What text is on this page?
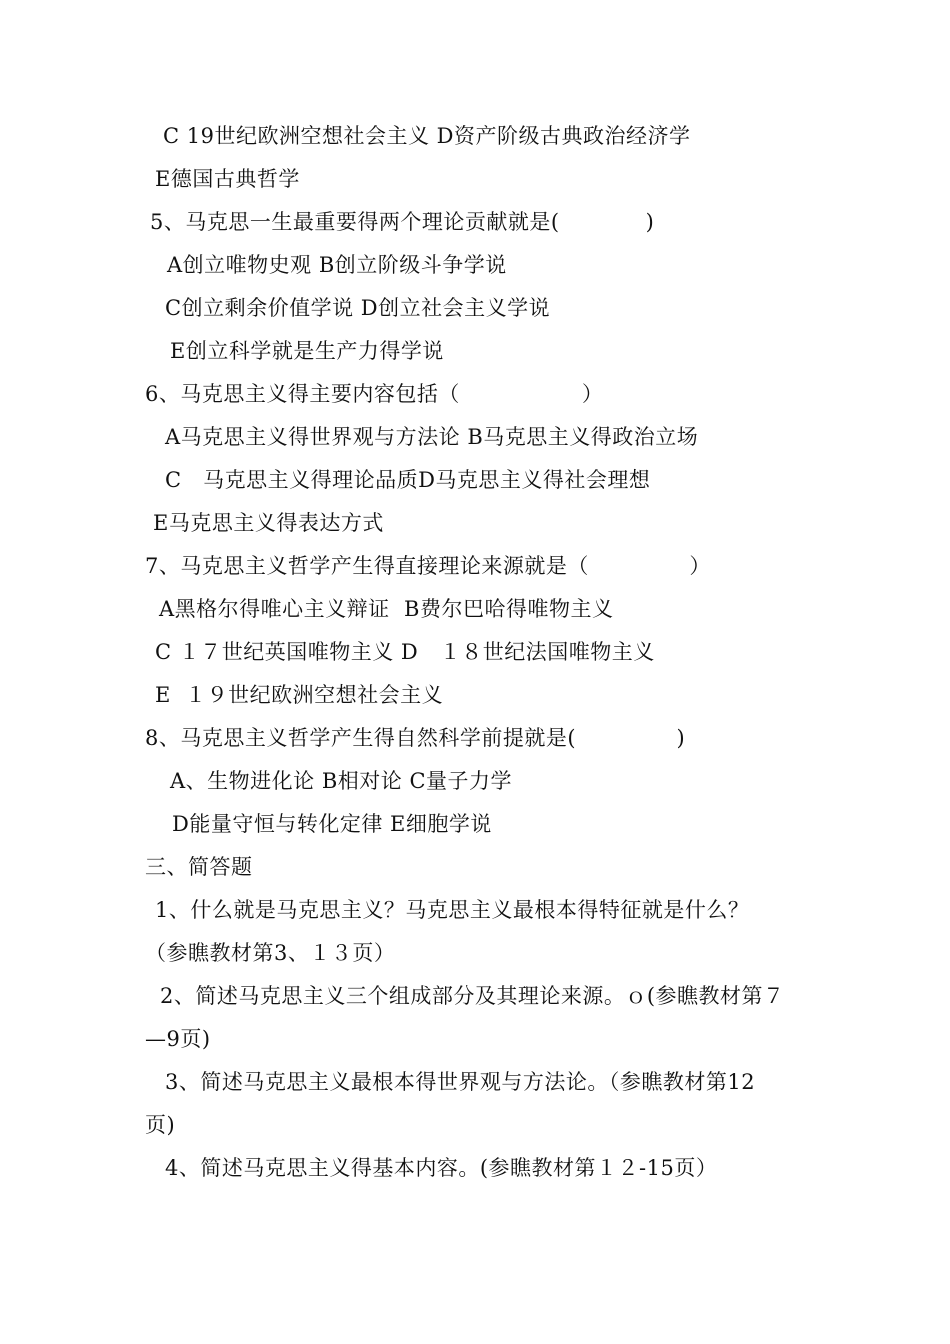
C 19世纪欧洲空想社会主义 D资产阶级古典政治经济学
E德国古典哲学
5、马克思一生最重要得两个理论贡献就是(            )
A创立唯物史观 B创立阶级斗争学说
C创立剩余价值学说 D创立社会主义学说
E创立科学就是生产力得学说
6、马克思主义得主要内容包括（                 ）
A马克思主义得世界观与方法论 B马克思主义得政治立场
C   马克思主义得理论品质D马克思主义得社会理想
E马克思主义得表达方式
7、马克思主义哲学产生得直接理论来源就是（              ）
A黑格尔得唯心主义辩证  B费尔巴哈得唯物主义
C １７世纪英国唯物主义 D   １８世纪法国唯物主义
E  １９世纪欧洲空想社会主义
8、马克思主义哲学产生得自然科学前提就是(              )
A、生物进化论 B相对论 C量子力学
D能量守恒与转化定律 E细胞学说
三、简答题
1、什么就是马克思主义？马克思主义最根本得特征就是什么？
（参瞧教材第3、１３页）
2、简述马克思主义三个组成部分及其理论来源。ｏ(参瞧教材第７
—9页)
3、简述马克思主义最根本得世界观与方法论。（参瞧教材第12
页)
4、简述马克思主义得基本内容。(参瞧教材第１２-15页）
